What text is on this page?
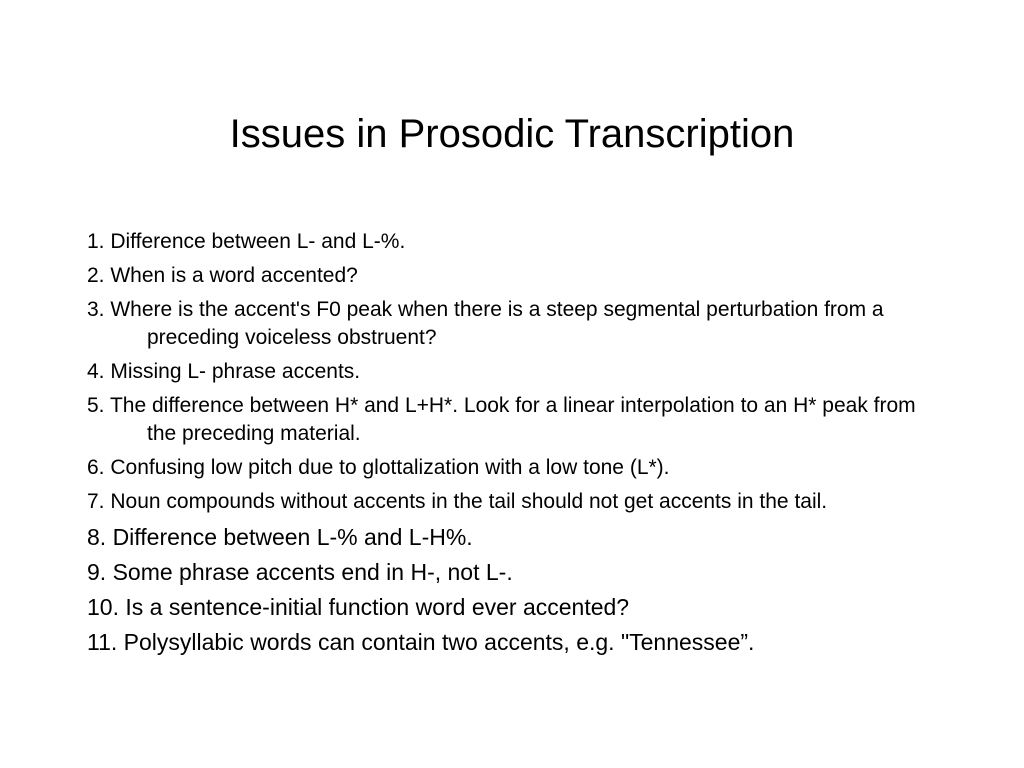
Issues in Prosodic Transcription
1. Difference between L- and L-%.
2. When is a word accented?
3. Where is the accent's F0 peak when there is a steep segmental perturbation from a preceding voiceless obstruent?
4. Missing L- phrase accents.
5. The difference between H* and L+H*. Look for a linear interpolation to an H* peak from the preceding material.
6. Confusing low pitch due to glottalization with a low tone (L*).
7. Noun compounds without accents in the tail should not get accents in the tail.
8. Difference between L-% and L-H%.
9. Some phrase accents end in H-, not L-.
10. Is a sentence-initial function word ever accented?
11. Polysyllabic words can contain two accents, e.g. "Tennessee”.
